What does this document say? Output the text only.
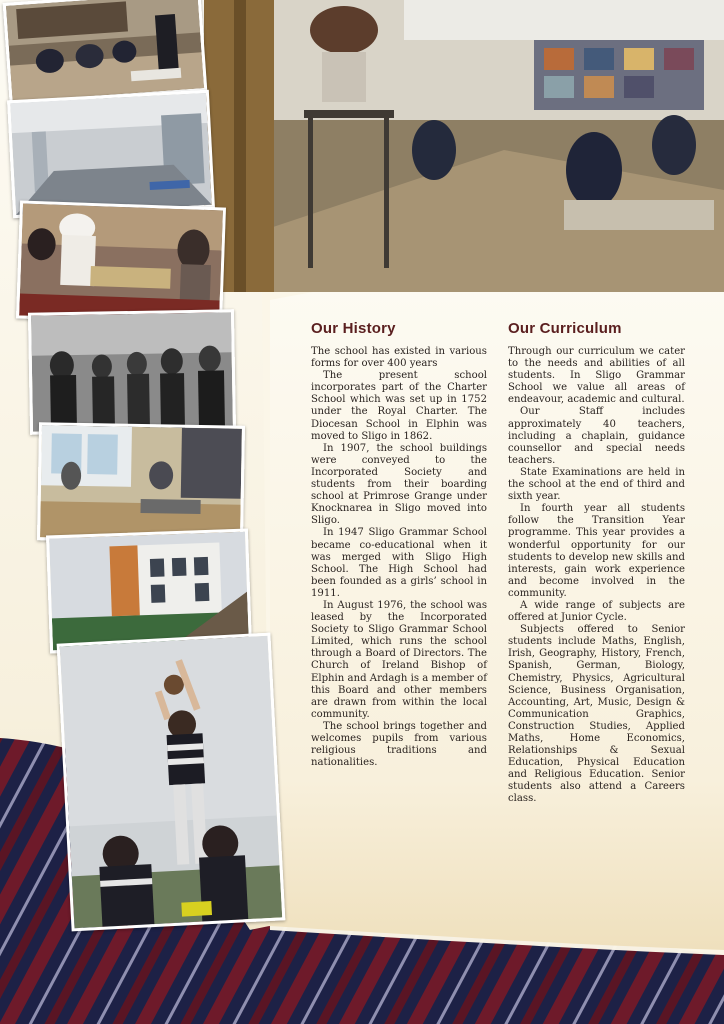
Our History

The school has existed in various forms for over 400 years

The present school incorporates part of the Charter School which was set up in 1752 under the Royal Charter. The Diocesan School in Elphin was moved to Sligo in 1862.

In 1907, the school buildings were conveyed to the Incorporated Society and students from their boarding school at Primrose Grange under Knocknarea in Sligo moved into Sligo.

In 1947 Sligo Grammar School became co-educational when it was merged with Sligo High School. The High School had been founded as a girls’ school in 1911.

In August 1976, the school was leased by the Incorporated Society to Sligo Grammar School Limited, which runs the school through a Board of Directors. The Church of Ireland Bishop of Elphin and Ardagh is a member of this Board and other members are drawn from within the local community.

The school brings together and welcomes pupils from various religious traditions and nationalities.

Our Curriculum

Through our curriculum we cater to the needs and abilities of all students. In Sligo Grammar School we value all areas of endeavour, academic and cultural.

Our Staff includes approximately 40 teachers, including a chaplain, guidance counsellor and special needs teachers.

State Examinations are held in the school at the end of third and sixth year.

In fourth year all students follow the Transition Year programme. This year provides a wonderful opportunity for our students to develop new skills and interests, gain work experience and become involved in the community.

A wide range of subjects are offered at Junior Cycle.

Subjects offered to Senior students include Maths, English, Irish, Geography, History, French, Spanish, German, Biology, Chemistry, Physics, Agricultural Science, Business Organisation, Accounting, Art, Music, Design & Communication Graphics, Construction Studies, Applied Maths, Home Economics, Relationships & Sexual Education, Physical Education and Religious Education. Senior students also attend a Careers class.
